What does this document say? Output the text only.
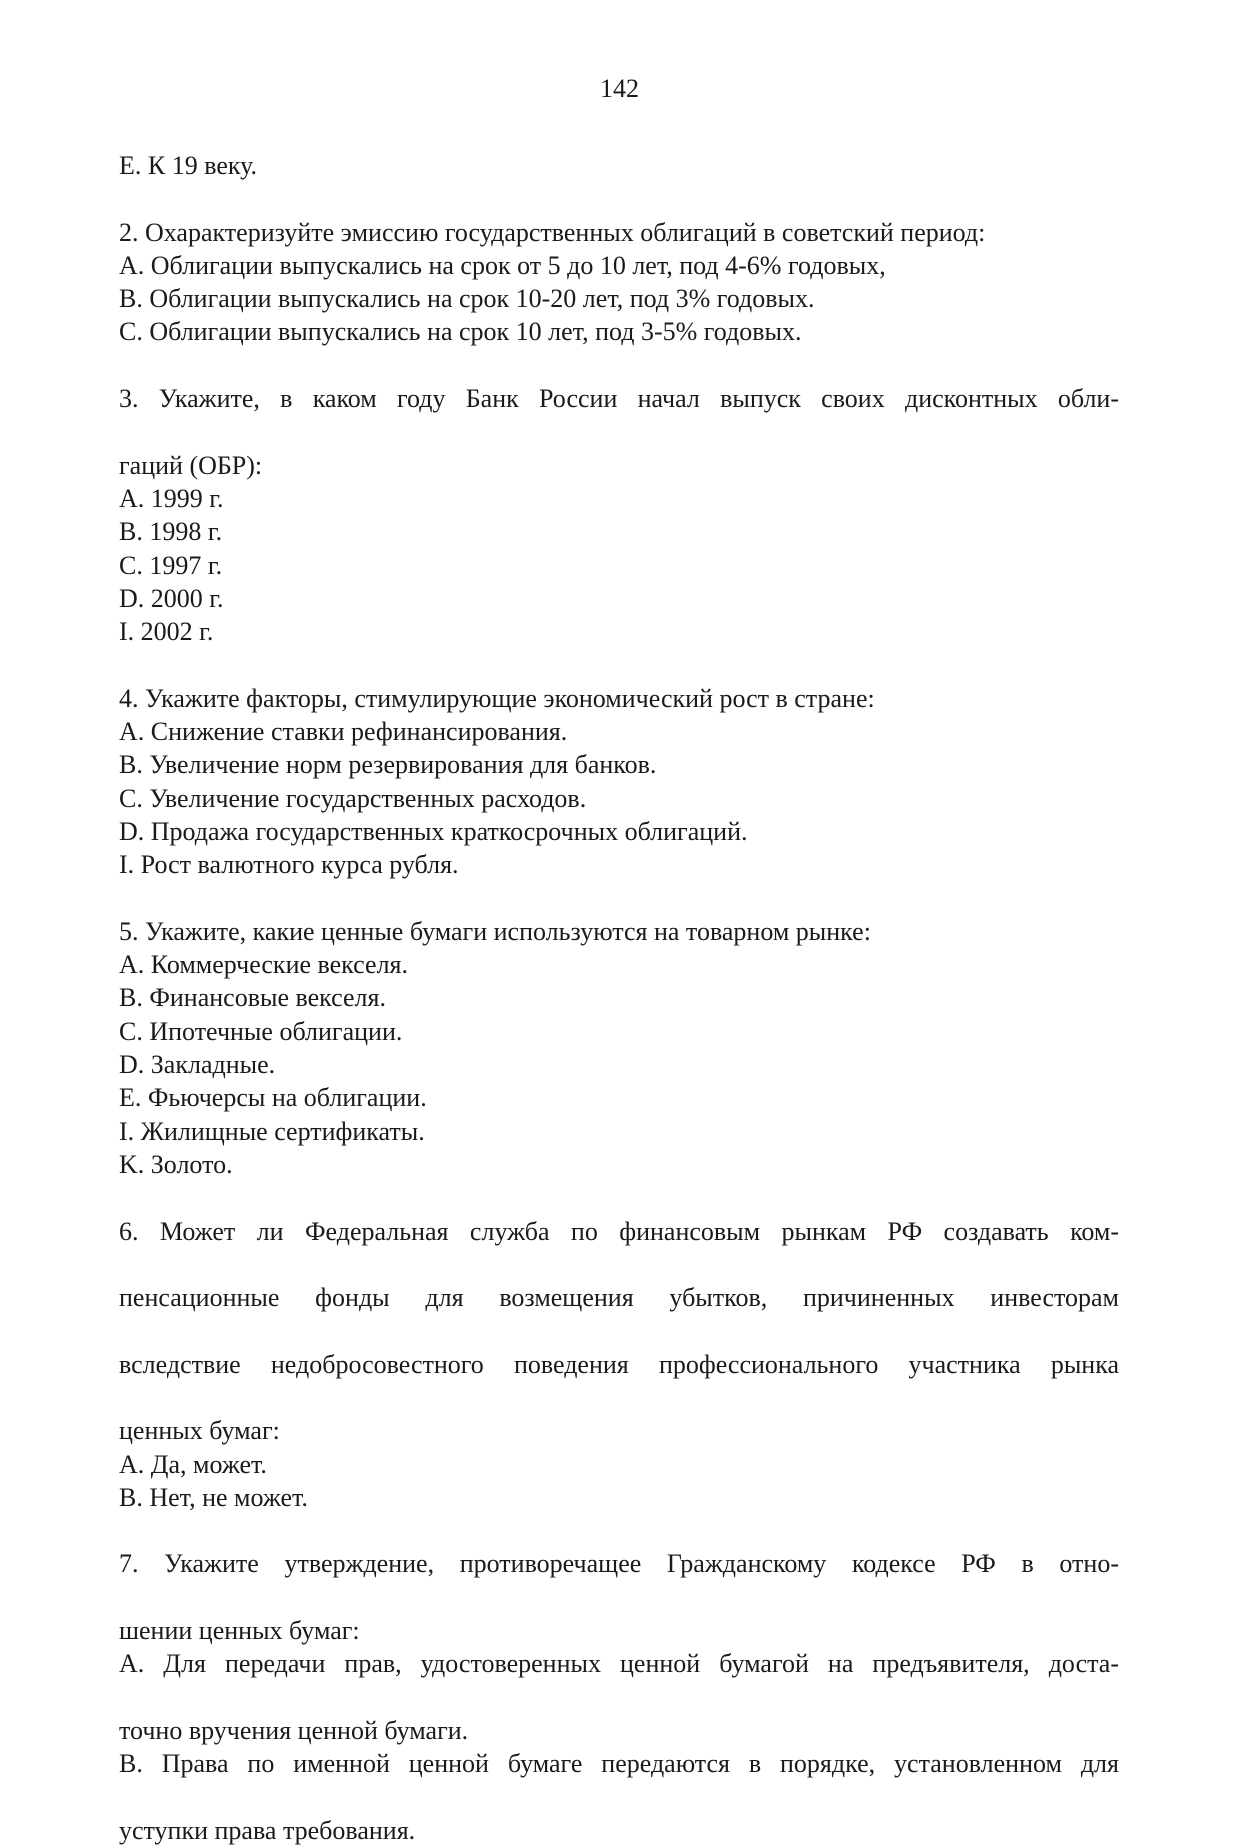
142

E. К 19 веку.

2. Охарактеризуйте эмиссию государственных облигаций в советский период:

A. Облигации выпускались на срок от 5 до 10 лет, под 4-6% годовых,

B. Облигации выпускались на срок 10-20 лет, под 3% годовых.

C. Облигации выпускались на срок 10 лет, под 3-5% годовых.

3. Укажите, в каком году Банк России начал выпуск своих дисконтных обли-

гаций (ОБР):

A. 1999 г.

B. 1998 г.

C. 1997 г.

D. 2000 г.

I. 2002 г.

4. Укажите факторы, стимулирующие экономический рост в стране:

A. Снижение ставки рефинансирования.

B. Увеличение норм резервирования для банков.

C. Увеличение государственных расходов.

D. Продажа государственных краткосрочных облигаций.

I. Рост валютного курса рубля.

5. Укажите, какие ценные бумаги используются на товарном рынке:

A. Коммерческие векселя.

B. Финансовые векселя.

C. Ипотечные облигации.

D. Закладные.

E. Фьючерсы на облигации.

I. Жилищные сертификаты.

K. Золото.

6. Может ли Федеральная служба по финансовым рынкам РФ создавать ком-

пенсационные фонды для возмещения убытков, причиненных инвесторам

вследствие недобросовестного поведения профессионального участника рынка

ценных бумаг:

A. Да, может.

B. Нет, не может.

7. Укажите утверждение, противоречащее Гражданскому кодексе РФ в отно-

шении ценных бумаг:

A. Для передачи прав, удостоверенных ценной бумагой на предъявителя, доста-

точно вручения ценной бумаги.

B. Права по именной ценной бумаге передаются в порядке, установленном для

уступки права требования.
